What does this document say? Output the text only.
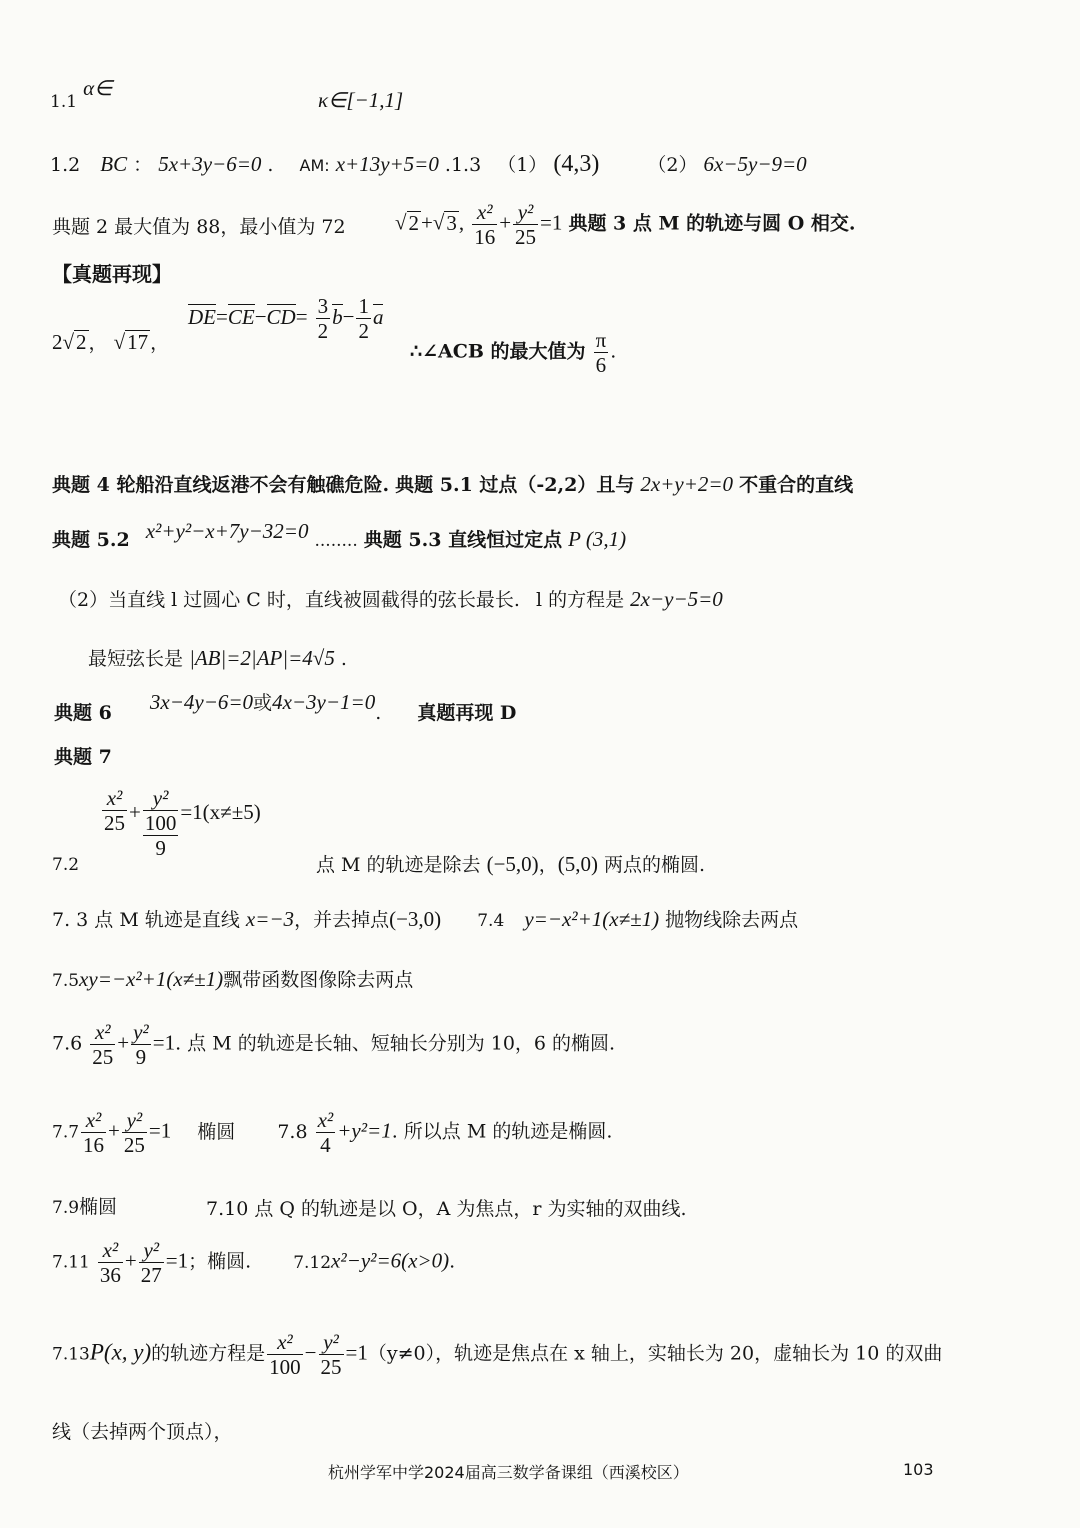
1.1 α∈	κ∈[−1,1]
1.2 BC ： 5x+3y−6=0 . AM: x+13y+5=0 .1.3 （1） (4,3)	（2） 6x−5y−9=0
典题 2 最大值为 88，最小值为 72 √2+√3, $\frac{\text{x²}}{16} + \frac{\text{y²}}{25} =1$ 典题 3 点 M 的轨迹与圆 O 相交.
【真题再现】
2√2 ， √17 ，
$DE=CE-CD= \frac{3}{2} b- \frac{1}{2}$ a
∴∠ACB 的最大值为 $\frac{\pi}{6}$ .
典题 4 轮船沿直线返港不会有触礁危险. 典题 5.1 过点（-2,2）且与 2x+y+2=0 不重合的直线
典题 5.2 x²+y²−x+7y−32=0 ........ 典题 5.3 直线恒过定点 P (3,1)
（2）当直线 l 过圆心 C 时，直线被圆截得的弦长最长. l 的方程是 2x−y−5=0
最短弦长是 |AB|=2|AP|=4√5 .
典题 6 3x−4y−6=0或4x−3y−1=0. 真题再现 D
典题 7
$\frac{\text{x²}}{25}$ +
y²
100
9
=1(x≠±5)
7.2	点 M 的轨迹是除去 (−5,0)，(5,0) 两点的椭圆.
7. 3 点 M 轨迹是直线 x=−3，并去掉点(−3,0) 7.4 y=−x²+1(x≠±1) 抛物线除去两点
7.5xy=−x²+1(x≠±1)飘带函数图像除去两点
$7.6 \frac{\text{x²}}{25} + \frac{\text{y²}}{9} =1$. 点 M 的轨迹是长轴、短轴长分别为 10，6 的椭圆.
$7.7 \frac{\text{x²}}{16} + \frac{\text{y²}}{25} =1$ 椭圆 $7.8 \frac{\text{x²}}{4} +y^2=1$. 所以点 M 的轨迹是椭圆.
7.9椭圆	7.10 点 Q 的轨迹是以 O，A 为焦点，r 为实轴的双曲线.
$7.11 \frac{\text{x²}}{36} + \frac{\text{y²}}{27} =1$；椭圆. 7.12x²−y²=6(x>0).
7.13P(x, y)的轨迹方程是 $\frac{\text{x²}}{100} - \frac{\text{y²}}{25} =1(y\ne 0)$，轨迹是焦点在 x 轴上，实轴长为 20，虚轴长为 10 的双曲
线（去掉两个顶点），
杭州学军中学2024届高三数学备课组（西溪校区）	103
